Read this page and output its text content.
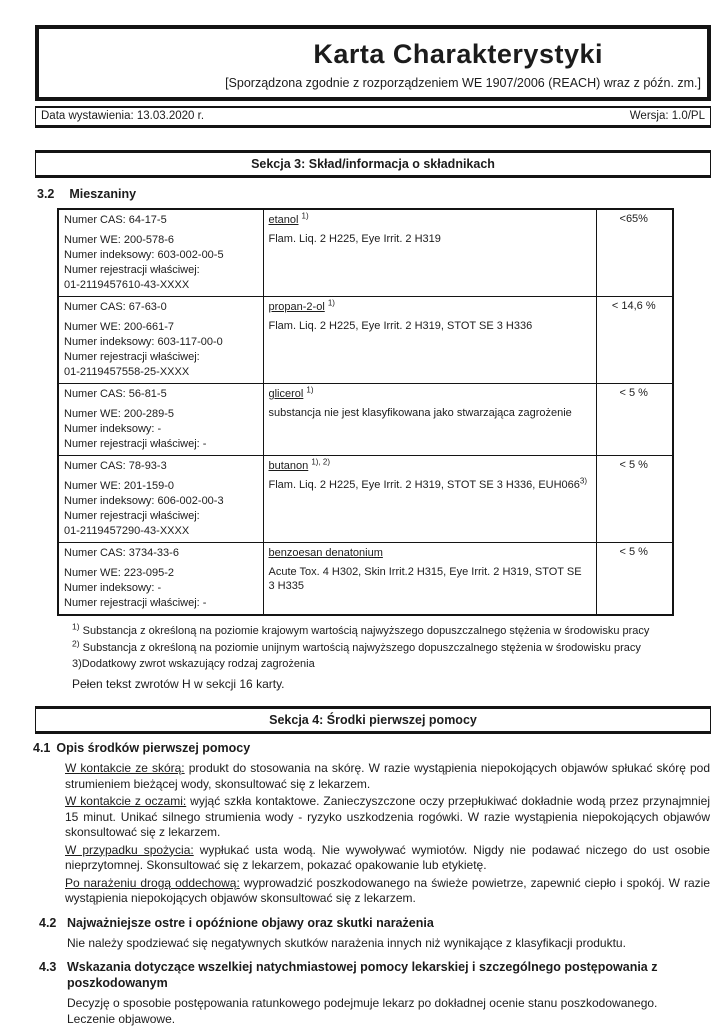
Karta Charakterystyki
[Sporządzona zgodnie z rozporządzeniem WE 1907/2006 (REACH) wraz z późn. zm.]
Data wystawienia: 13.03.2020 r.	Wersja: 1.0/PL
Sekcja 3: Skład/informacja o składnikach
3.2 Mieszaniny
Numer CAS: 64-17-5
Numer WE: 200-578-6
Numer indeksowy: 603-002-00-5
Numer rejestracji właściwej:
01-2119457610-43-XXXX

etanol $^{1)}$
Flam. Liq. 2 H225, Eye Irrit. 2 H319
	<65%

Numer CAS: 67-63-0
Numer WE: 200-661-7
Numer indeksowy: 603-117-00-0
Numer rejestracji właściwej:
01-2119457558-25-XXXX

propan-2-ol $^{1)}$
Flam. Liq. 2 H225, Eye Irrit. 2 H319, STOT SE 3 H336
	< 14,6 %

Numer CAS: 56-81-5
Numer WE: 200-289-5
Numer indeksowy: -
Numer rejestracji właściwej: -

glicerol $^{1)}$
substancja nie jest klasyfikowana jako stwarzająca zagrożenie
	< 5 %

Numer CAS: 78-93-3
Numer WE: 201-159-0
Numer indeksowy: 606-002-00-3
Numer rejestracji właściwej:
01-2119457290-43-XXXX

butanon $^{1), 2)}$
Flam. Liq. 2 H225, Eye Irrit. 2 H319, STOT SE 3 H336, EUH066$^{3)}$
	< 5 %

Numer CAS: 3734-33-6
Numer WE: 223-095-2
Numer indeksowy: -
Numer rejestracji właściwej: -

benzoesan denatonium
Acute Tox. 4 H302, Skin Irrit.2 H315, Eye Irrit. 2 H319, STOT SE 3 H335
	< 5 %
$^{1)}$ Substancja z określoną na poziomie krajowym wartością najwyższego dopuszczalnego stężenia w środowisku pracy
$^{2)}$ Substancja z określoną na poziomie unijnym wartością najwyższego dopuszczalnego stężenia w środowisku pracy
3)Dodatkowy zwrot wskazujący rodzaj zagrożenia
Pełen tekst zwrotów H w sekcji 16 karty.
Sekcja 4: Środki pierwszej pomocy
4.1 Opis środków pierwszej pomocy

W kontakcie ze skórą: produkt do stosowania na skórę. W razie wystąpienia niepokojących objawów spłukać skórę pod strumieniem bieżącej wody, skonsultować się z lekarzem.

W kontakcie z oczami: wyjąć szkła kontaktowe. Zanieczyszczone oczy przepłukiwać dokładnie wodą przez przynajmniej 15 minut. Unikać silnego strumienia wody - ryzyko uszkodzenia rogówki. W razie wystąpienia niepokojących objawów skonsultować się z lekarzem.

W przypadku spożycia: wypłukać usta wodą. Nie wywoływać wymiotów. Nigdy nie podawać niczego do ust osobie nieprzytomnej. Skonsultować się z lekarzem, pokazać opakowanie lub etykietę.

Po narażeniu drogą oddechową: wyprowadzić poszkodowanego na świeże powietrze, zapewnić ciepło i spokój. W razie wystąpienia niepokojących objawów skonsultować się z lekarzem.

4.2 Najważniejsze ostre i opóźnione objawy oraz skutki narażenia
Nie należy spodziewać się negatywnych skutków narażenia innych niż wynikające z klasyfikacji produktu.
4.3 Wskazania dotyczące wszelkiej natychmiastowej pomocy lekarskiej i szczególnego postępowania z poszkodowanym
Decyzję o sposobie postępowania ratunkowego podejmuje lekarz po dokładnej ocenie stanu poszkodowanego.
Leczenie objawowe.
